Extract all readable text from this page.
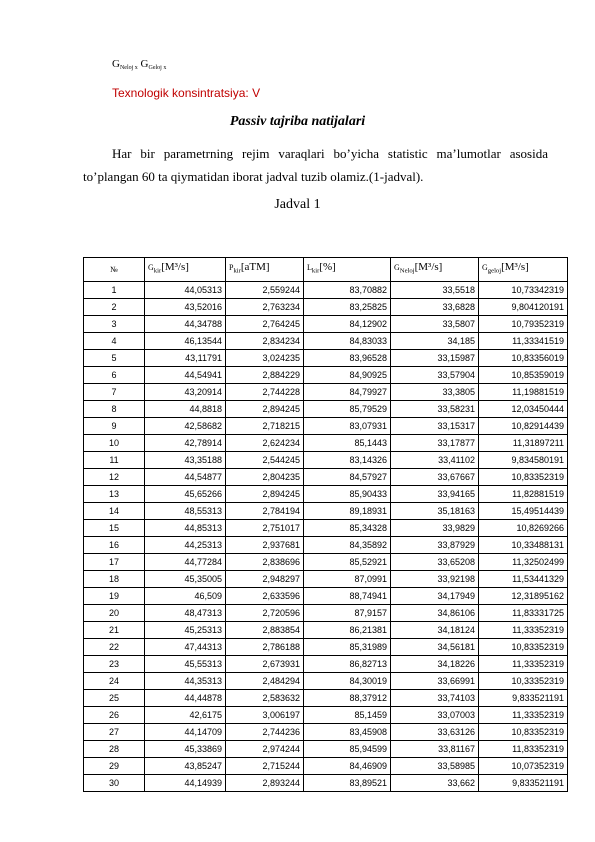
$G_{Neloj x}$ $G_{Geloj x}$
Texnologik konsintratsiya: V
Passiv tajriba natijalari
Har bir parametrning rejim varaqlari bo’yicha statistic ma’lumotlar asosida to’plangan 60 ta qiymatidan iborat jadval tuzib olamiz.(1-jadval).
Jadval 1
№	$G_{kir}[M^3/s]$	$P_{kir}[aTM]$	$L_{kir}[\%]$	$G_{Neloj}[M^3/s]$	$G_{geloj}[M^3/s]$
1	44,05313	2,559244	83,70882	33,5518	10,73342319
2	43,52016	2,763234	83,25825	33,6828	9,804120191
3	44,34788	2,764245	84,12902	33,5807	10,79352319
4	46,13544	2,834234	84,83033	34,185	11,33341519
5	43,11791	3,024235	83,96528	33,15987	10,83356019
6	44,54941	2,884229	84,90925	33,57904	10,85359019
7	43,20914	2,744228	84,79927	33,3805	11,19881519
8	44,8818	2,894245	85,79529	33,58231	12,03450444
9	42,58682	2,718215	83,07931	33,15317	10,82914439
10	42,78914	2,624234	85,1443	33,17877	11,31897211
11	43,35188	2,544245	83,14326	33,41102	9,834580191
12	44,54877	2,804235	84,57927	33,67667	10,83352319
13	45,65266	2,894245	85,90433	33,94165	11,82881519
14	48,55313	2,784194	89,18931	35,18163	15,49514439
15	44,85313	2,751017	85,34328	33,9829	10,8269266
16	44,25313	2,937681	84,35892	33,87929	10,33488131
17	44,77284	2,838696	85,52921	33,65208	11,32502499
18	45,35005	2,948297	87,0991	33,92198	11,53441329
19	46,509	2,633596	88,74941	34,17949	12,31895162
20	48,47313	2,720596	87,9157	34,86106	11,83331725
21	45,25313	2,883854	86,21381	34,18124	11,33352319
22	47,44313	2,786188	85,31989	34,56181	10,83352319
23	45,55313	2,673931	86,82713	34,18226	11,33352319
24	44,35313	2,484294	84,30019	33,66991	10,33352319
25	44,44878	2,583632	88,37912	33,74103	9,833521191
26	42,6175	3,006197	85,1459	33,07003	11,33352319
27	44,14709	2,744236	83,45908	33,63126	10,83352319
28	45,33869	2,974244	85,94599	33,81167	11,83352319
29	43,85247	2,715244	84,46909	33,58985	10,07352319
30	44,14939	2,893244	83,89521	33,662	9,833521191
